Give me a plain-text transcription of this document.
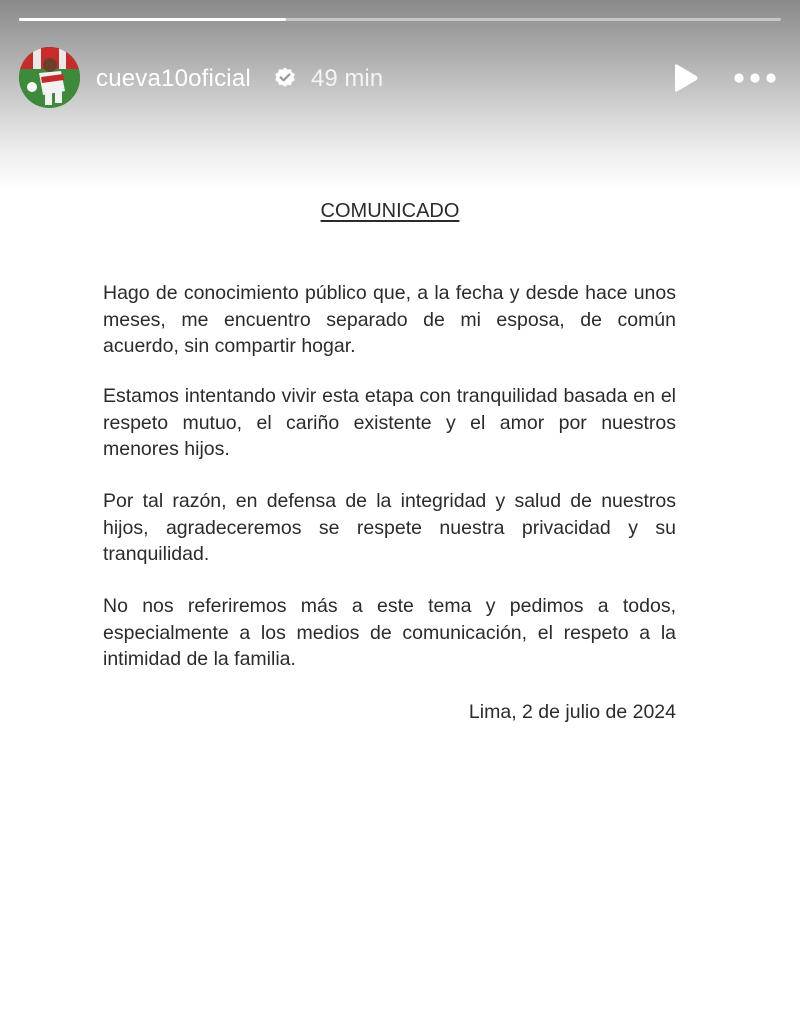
cueva10oficial	49 min
COMUNICADO

Hago de conocimiento público que, a la fecha y desde hace unos meses, me encuentro separado de mi esposa, de común acuerdo, sin compartir hogar.

Estamos intentando vivir esta etapa con tranquilidad basada en el respeto mutuo, el cariño existente y el amor por nuestros menores hijos.

Por tal razón, en defensa de la integridad y salud de nuestros hijos, agradeceremos se respete nuestra privacidad y su tranquilidad.

No nos referiremos más a este tema y pedimos a todos, especialmente a los medios de comunicación, el respeto a la intimidad de la familia.

Lima, 2 de julio de 2024
